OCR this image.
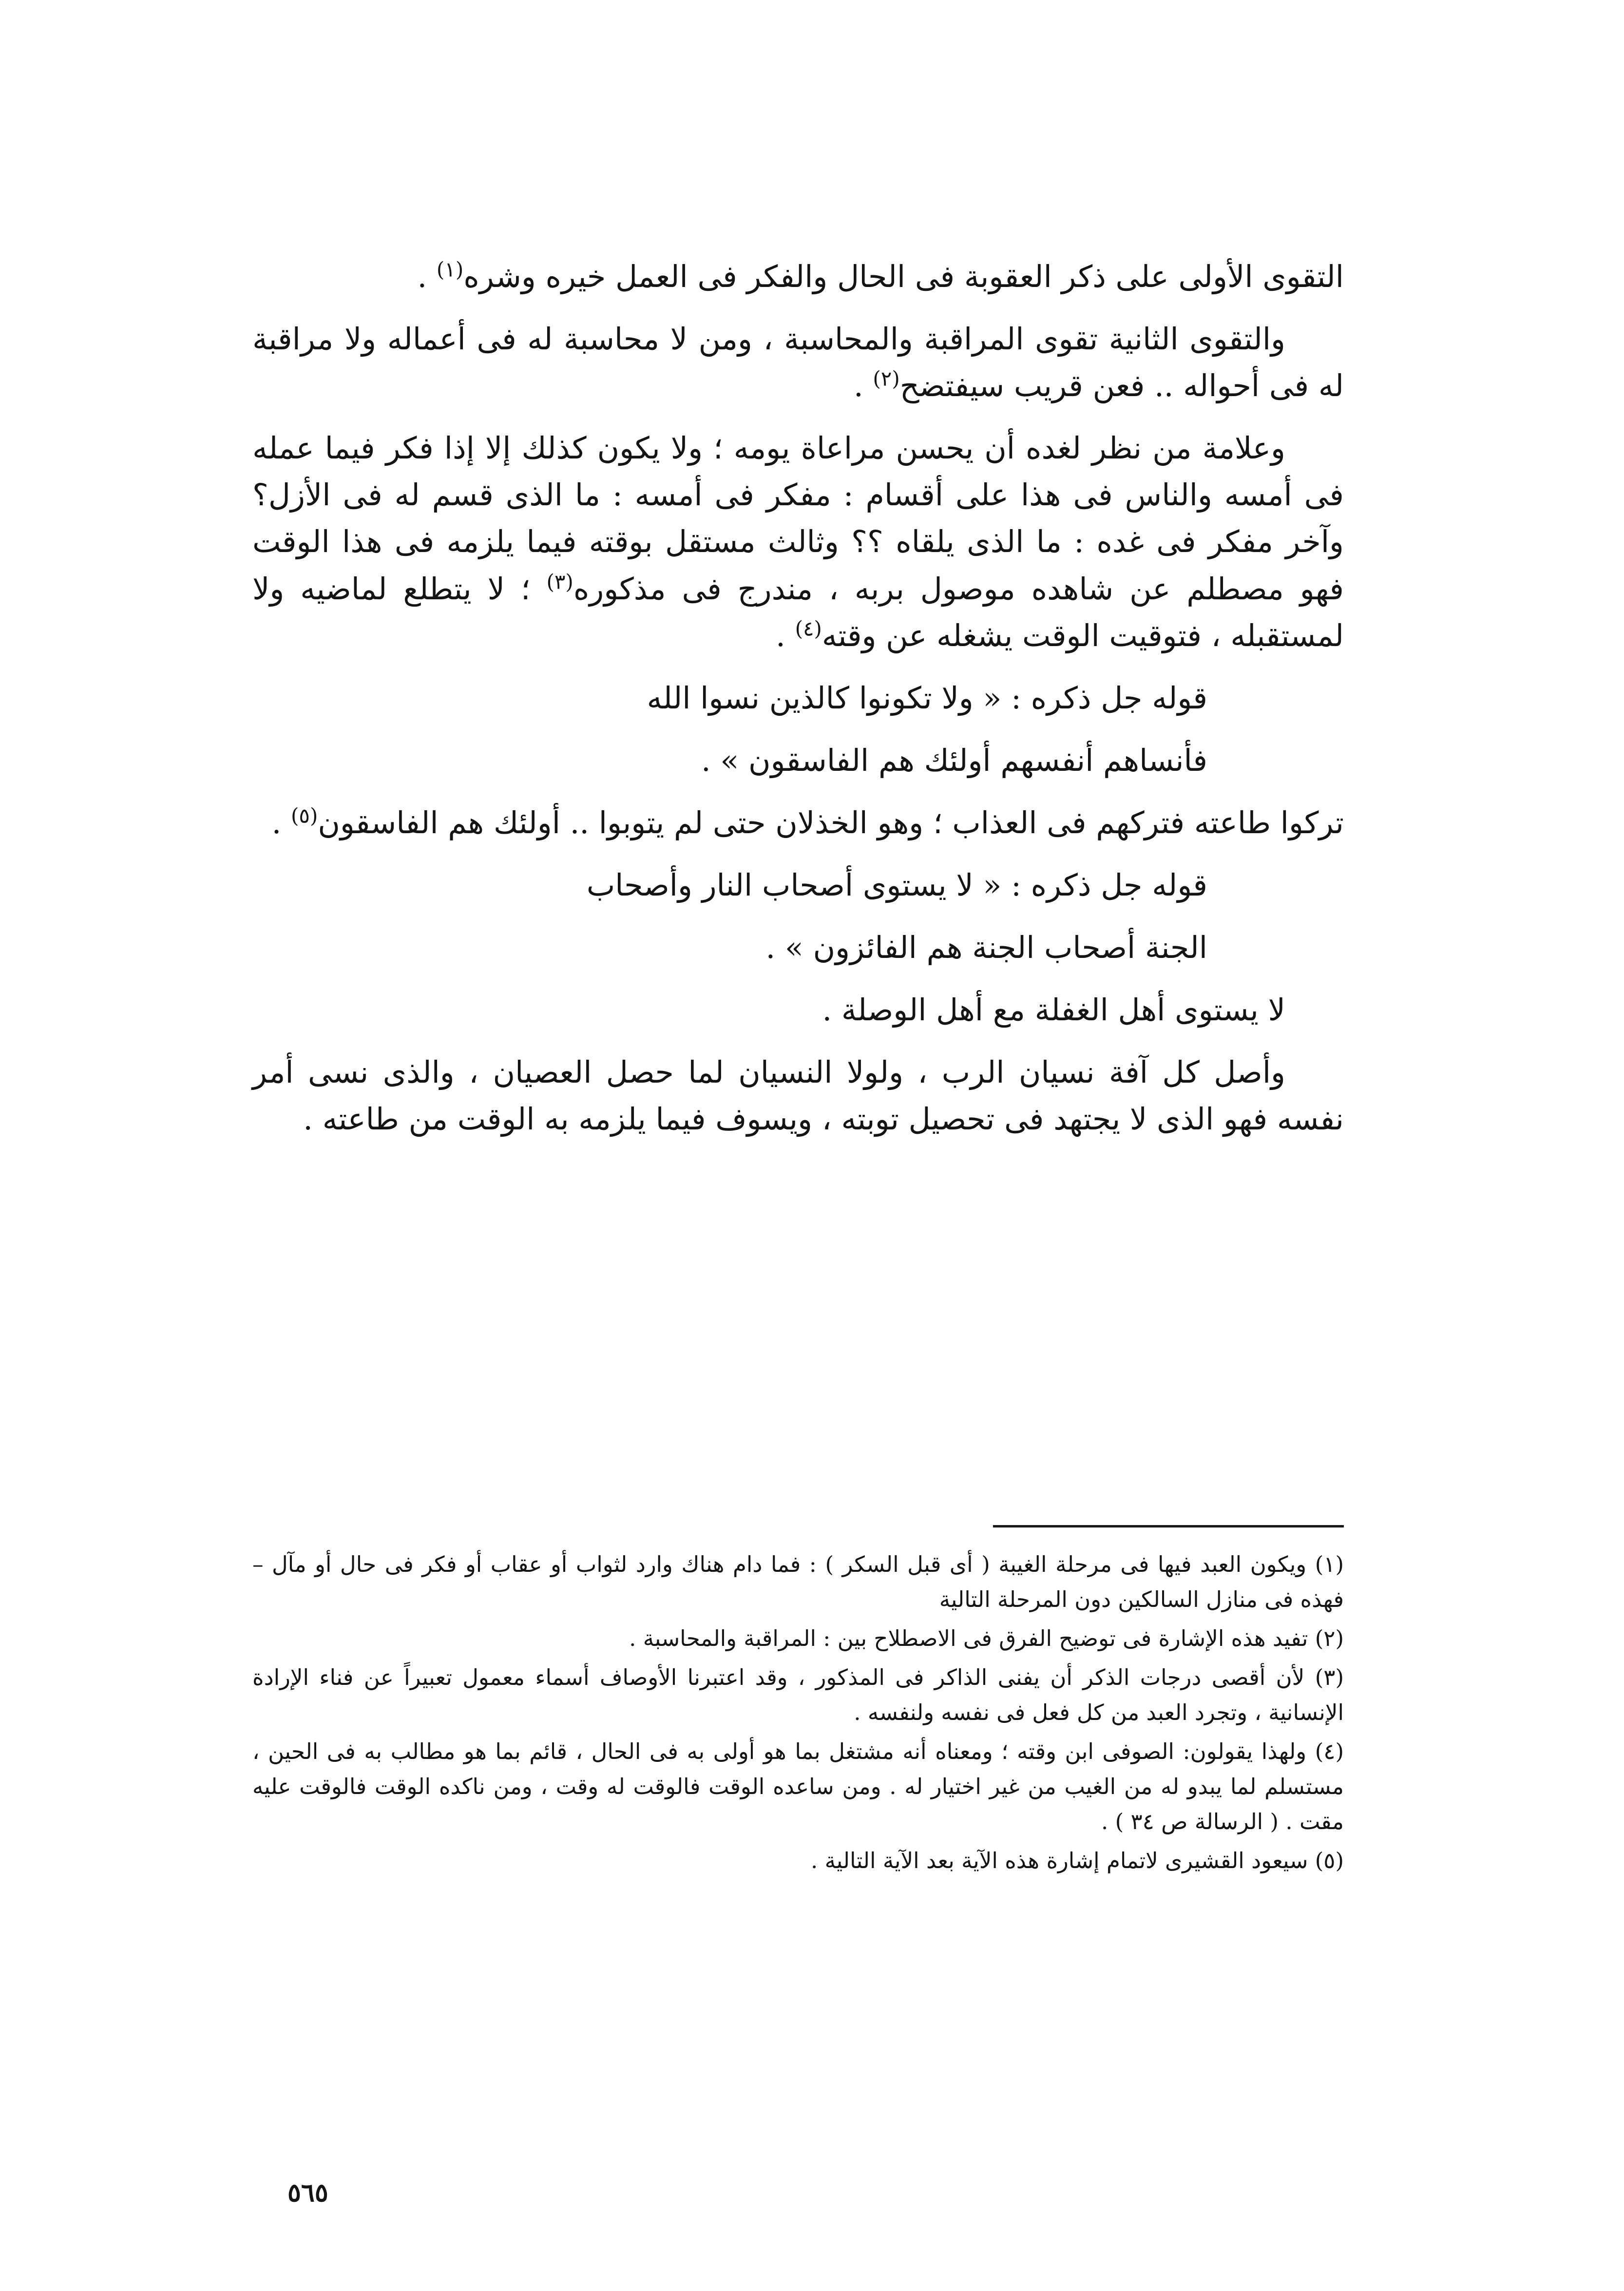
التقوى الأولى على ذكر العقوبة فى الحال والفكر فى العمل خيره وشره$^{(١)}$ .

والتقوى الثانية تقوى المراقبة والمحاسبة ، ومن لا محاسبة له فى أعماله ولا مراقبة له فى أحواله .. فعن قريب سيفتضح$^{(٢)}$ .

وعلامة من نظر لغده أن يحسن مراعاة يومه ؛ ولا يكون كذلك إلا إذا فكر فيما عمله فى أمسه والناس فى هذا على أقسام : مفكر فى أمسه : ما الذى قسم له فى الأزل؟ وآخر مفكر فى غده : ما الذى يلقاه ؟؟ وثالث مستقل بوقته فيما يلزمه فى هذا الوقت فهو مصطلم عن شاهده موصول بربه ، مندرج فى مذكوره$^{(٣)}$ ؛ لا يتطلع لماضيه ولا لمستقبله ، فتوقيت الوقت يشغله عن وقته$^{(٤)}$ .

قوله جل ذكره : « ولا تكونوا كالذين نسوا الله

فأنساهم أنفسهم أولئك هم الفاسقون » .

تركوا طاعته فتركهم فى العذاب ؛ وهو الخذلان حتى لم يتوبوا .. أولئك هم الفاسقون$^{(٥)}$ .

قوله جل ذكره : « لا يستوى أصحاب النار وأصحاب

الجنة أصحاب الجنة هم الفائزون » .

لا يستوى أهل الغفلة مع أهل الوصلة .

وأصل كل آفة نسيان الرب ، ولولا النسيان لما حصل العصيان ، والذى نسى أمر نفسه فهو الذى لا يجتهد فى تحصيل توبته ، ويسوف فيما يلزمه به الوقت من طاعته .

(١) ويكون العبد فيها فى مرحلة الغيبة ( أى قبل السكر ) : فما دام هناك وارد لثواب أو عقاب أو فكر فى حال أو مآل – فهذه فى منازل السالكين دون المرحلة التالية

(٢) تفيد هذه الإشارة فى توضيح الفرق فى الاصطلاح بين : المراقبة والمحاسبة .

(٣) لأن أقصى درجات الذكر أن يفنى الذاكر فى المذكور ، وقد اعتبرنا الأوصاف أسماء معمول تعبيراً عن فناء الإرادة الإنسانية ، وتجرد العبد من كل فعل فى نفسه ولنفسه .

(٤) ولهذا يقولون: الصوفى ابن وقته ؛ ومعناه أنه مشتغل بما هو أولى به فى الحال ، قائم بما هو مطالب به فى الحين ، مستسلم لما يبدو له من الغيب من غير اختيار له . ومن ساعده الوقت فالوقت له وقت ، ومن ناكده الوقت فالوقت عليه مقت . ( الرسالة ص ٣٤ ) .

(٥) سيعود القشيرى لاتمام إشارة هذه الآية بعد الآية التالية .

٥٦٥
